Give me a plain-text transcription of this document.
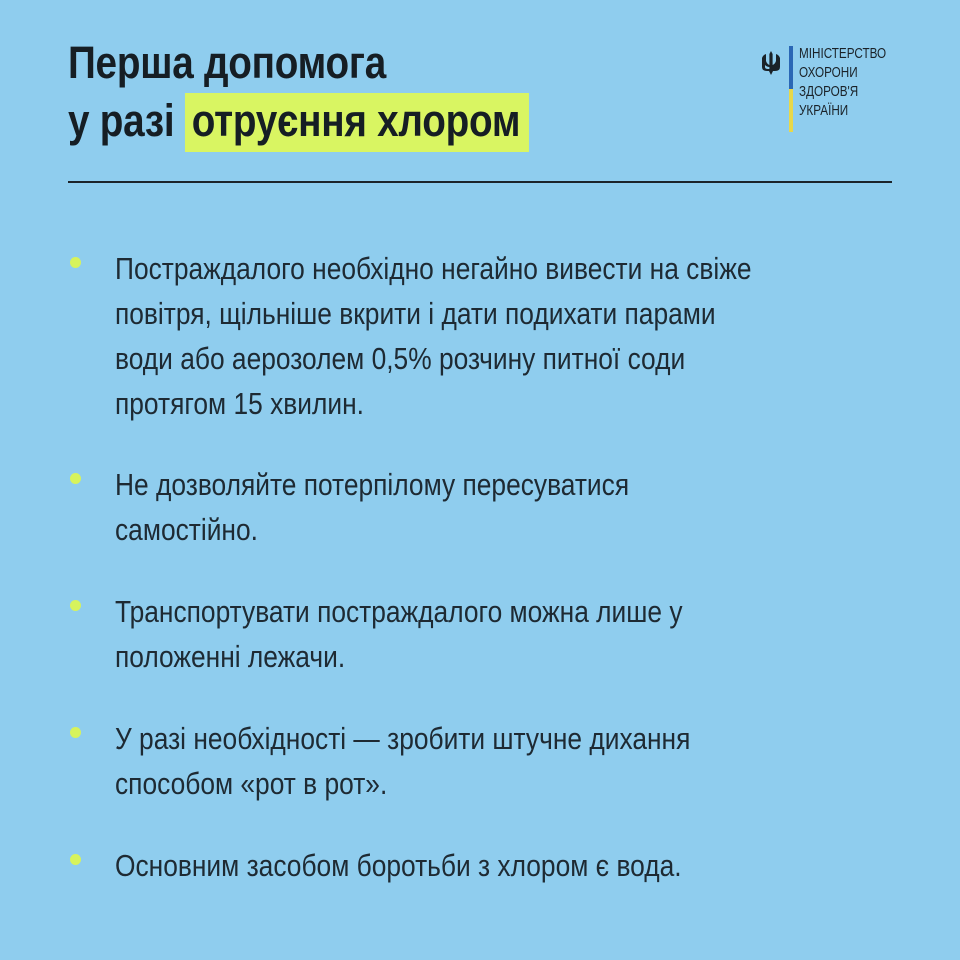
Перша допомога
у разі отруєння хлором
МІНІСТЕРСТВО
ОХОРОНИ
ЗДОРОВ'Я
УКРАЇНИ

Постраждалого необхідно негайно вивести на свіже
повітря, щільніше вкрити і дати подихати парами
води або аерозолем 0,5% розчину питної соди
протягом 15 хвилин.

Не дозволяйте потерпілому пересуватися
самостійно.

Транспортувати постраждалого можна лише у
положенні лежачи.

У разі необхідності — зробити штучне дихання
способом «рот в рот».

Основним засобом боротьби з хлором є вода.
